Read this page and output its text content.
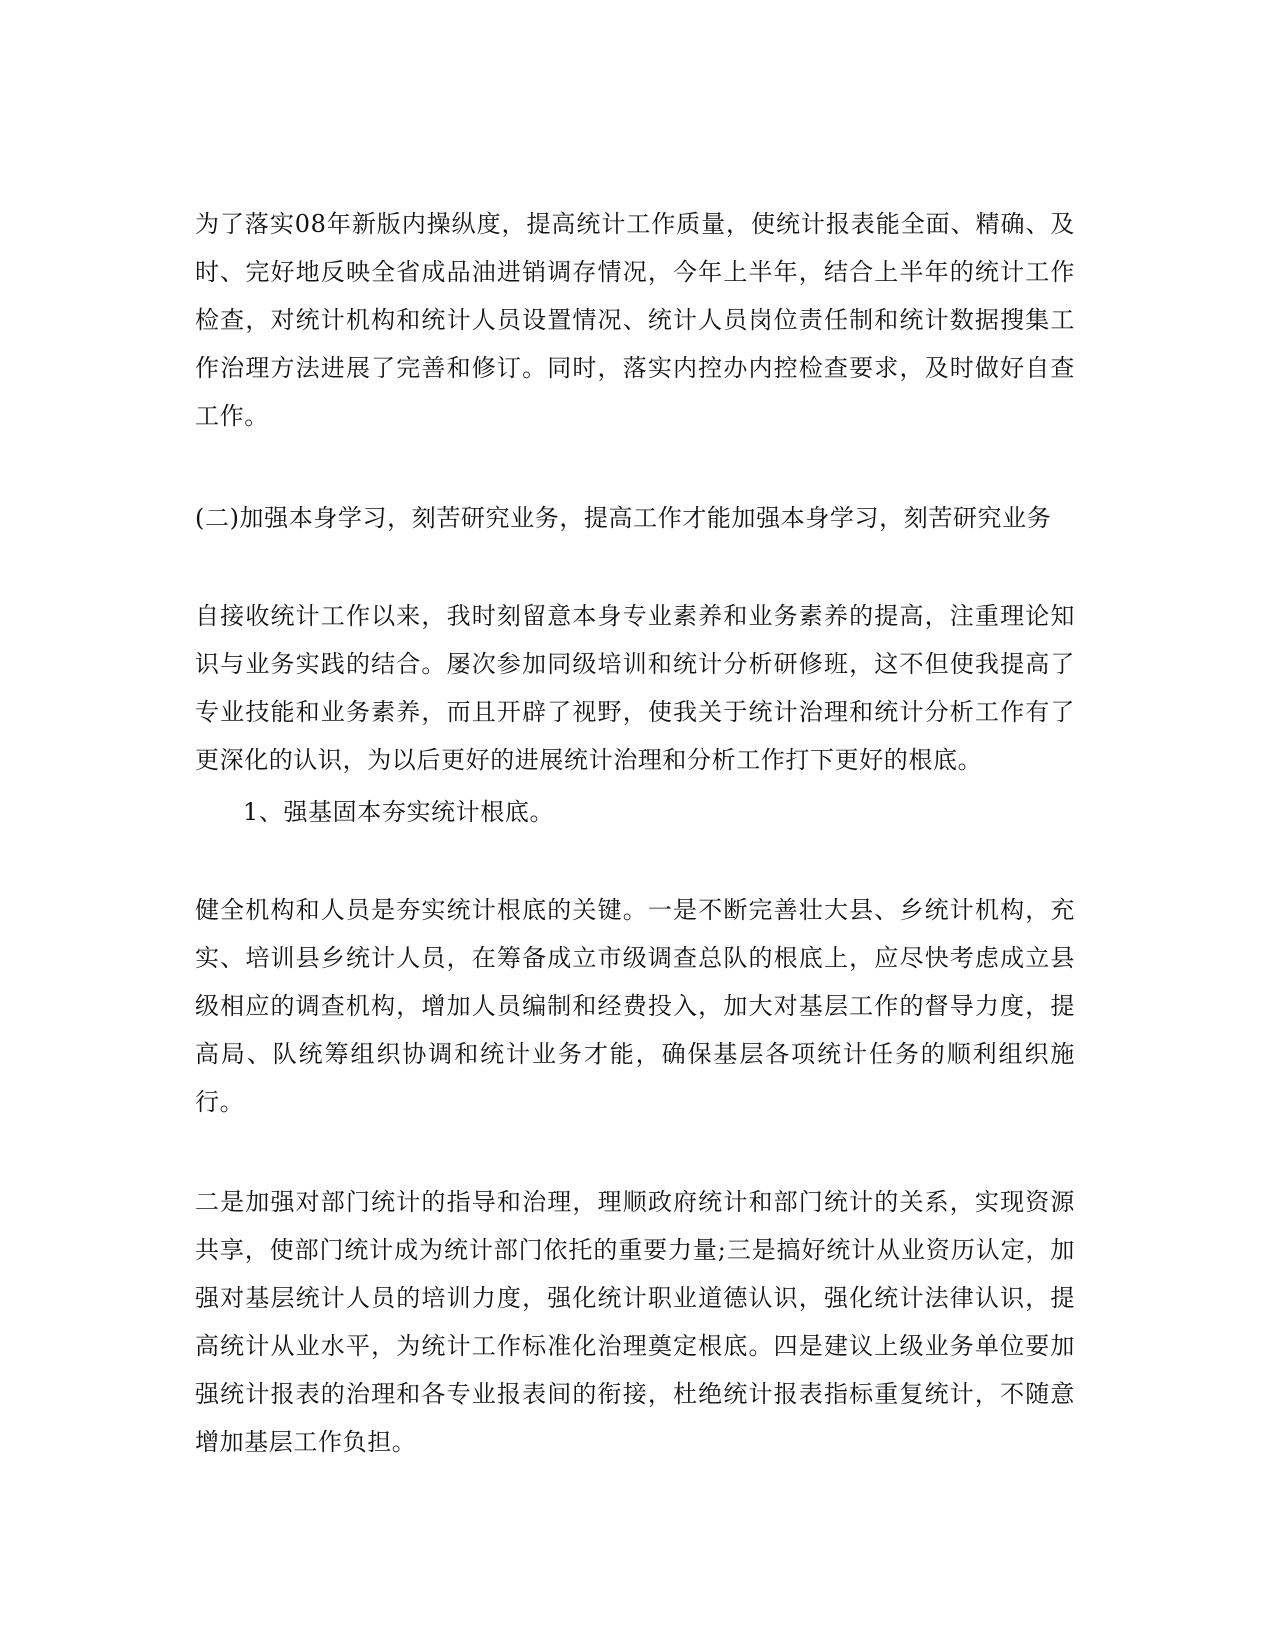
为了落实08年新版内操纵度，提高统计工作质量，使统计报表能全面、精确、及时、完好地反映全省成品油进销调存情况，今年上半年，结合上半年的统计工作检查，对统计机构和统计人员设置情况、统计人员岗位责任制和统计数据搜集工作治理方法进展了完善和修订。同时，落实内控办内控检查要求，及时做好自查工作。

(二)加强本身学习，刻苦研究业务，提高工作才能加强本身学习，刻苦研究业务

自接收统计工作以来，我时刻留意本身专业素养和业务素养的提高，注重理论知识与业务实践的结合。屡次参加同级培训和统计分析研修班，这不但使我提高了专业技能和业务素养，而且开辟了视野，使我关于统计治理和统计分析工作有了更深化的认识，为以后更好的进展统计治理和分析工作打下更好的根底。

1、强基固本夯实统计根底。

健全机构和人员是夯实统计根底的关键。一是不断完善壮大县、乡统计机构，充实、培训县乡统计人员，在筹备成立市级调查总队的根底上，应尽快考虑成立县级相应的调查机构，增加人员编制和经费投入，加大对基层工作的督导力度，提高局、队统筹组织协调和统计业务才能，确保基层各项统计任务的顺利组织施行。

二是加强对部门统计的指导和治理，理顺政府统计和部门统计的关系，实现资源共享，使部门统计成为统计部门依托的重要力量;三是搞好统计从业资历认定，加强对基层统计人员的培训力度，强化统计职业道德认识，强化统计法律认识，提高统计从业水平，为统计工作标准化治理奠定根底。四是建议上级业务单位要加强统计报表的治理和各专业报表间的衔接，杜绝统计报表指标重复统计，不随意增加基层工作负担。
